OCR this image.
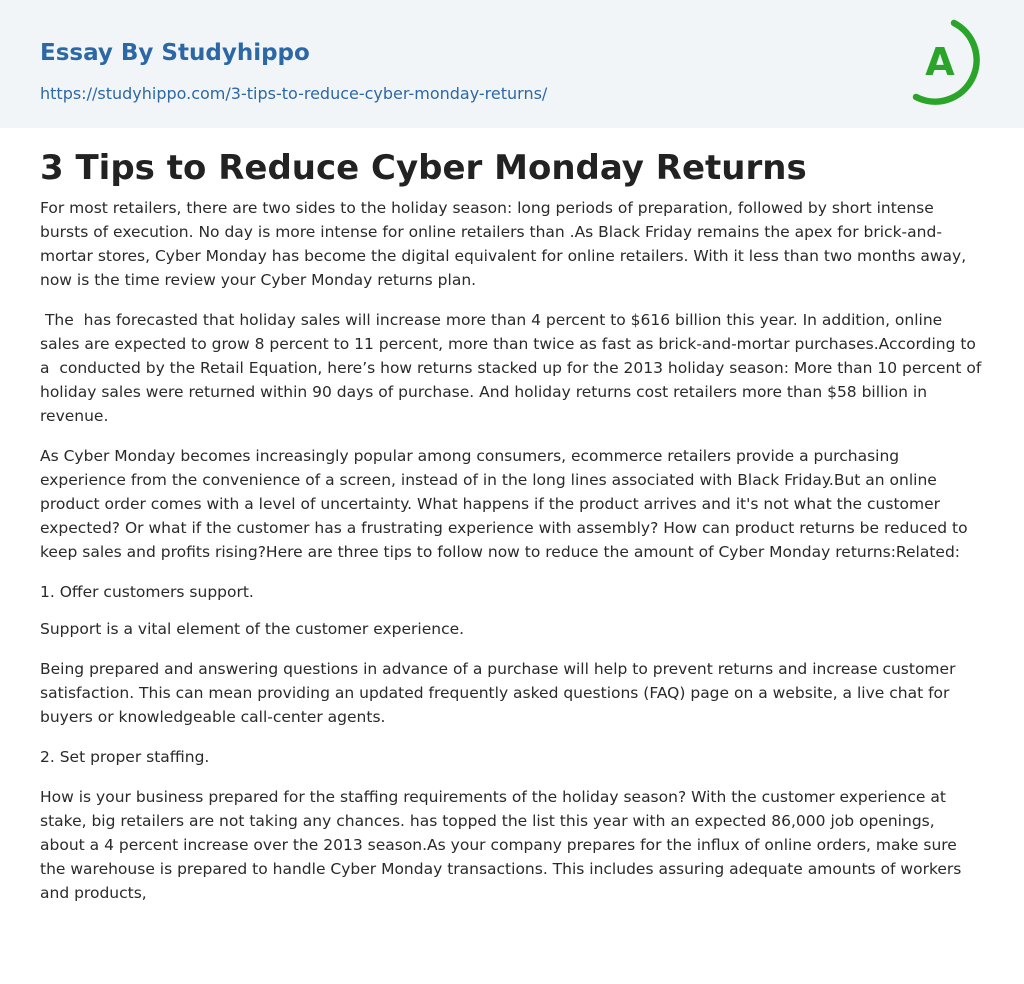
Essay By Studyhippo
https://studyhippo.com/3-tips-to-reduce-cyber-monday-returns/
A
3 Tips to Reduce Cyber Monday Returns

For most retailers, there are two sides to the holiday season: long periods of preparation, followed by short intense bursts of execution. No day is more intense for online retailers than .As Black Friday remains the apex for brick-and-mortar stores, Cyber Monday has become the digital equivalent for online retailers. With it less than two months away, now is the time review your Cyber Monday returns plan.

The  has forecasted that holiday sales will increase more than 4 percent to $616 billion this year. In addition, online sales are expected to grow 8 percent to 11 percent, more than twice as fast as brick-and-mortar purchases.According to a  conducted by the Retail Equation, here’s how returns stacked up for the 2013 holiday season: More than 10 percent of holiday sales were returned within 90 days of purchase. And holiday returns cost retailers more than $58 billion in revenue.

As Cyber Monday becomes increasingly popular among consumers, ecommerce retailers provide a purchasing experience from the convenience of a screen, instead of in the long lines associated with Black Friday.But an online product order comes with a level of uncertainty. What happens if the product arrives and it's not what the customer expected? Or what if the customer has a frustrating experience with assembly? How can product returns be reduced to keep sales and profits rising?Here are three tips to follow now to reduce the amount of Cyber Monday returns:Related:

1. Offer customers support.

Support is a vital element of the customer experience.

Being prepared and answering questions in advance of a purchase will help to prevent returns and increase customer satisfaction. This can mean providing an updated frequently asked questions (FAQ) page on a website, a live chat for buyers or knowledgeable call-center agents.

2. Set proper staffing.

How is your business prepared for the staffing requirements of the holiday season? With the customer experience at stake, big retailers are not taking any chances. has topped the list this year with an expected 86,000 job openings, about a 4 percent increase over the 2013 season.As your company prepares for the influx of online orders, make sure the warehouse is prepared to handle Cyber Monday transactions. This includes assuring adequate amounts of workers and products,
